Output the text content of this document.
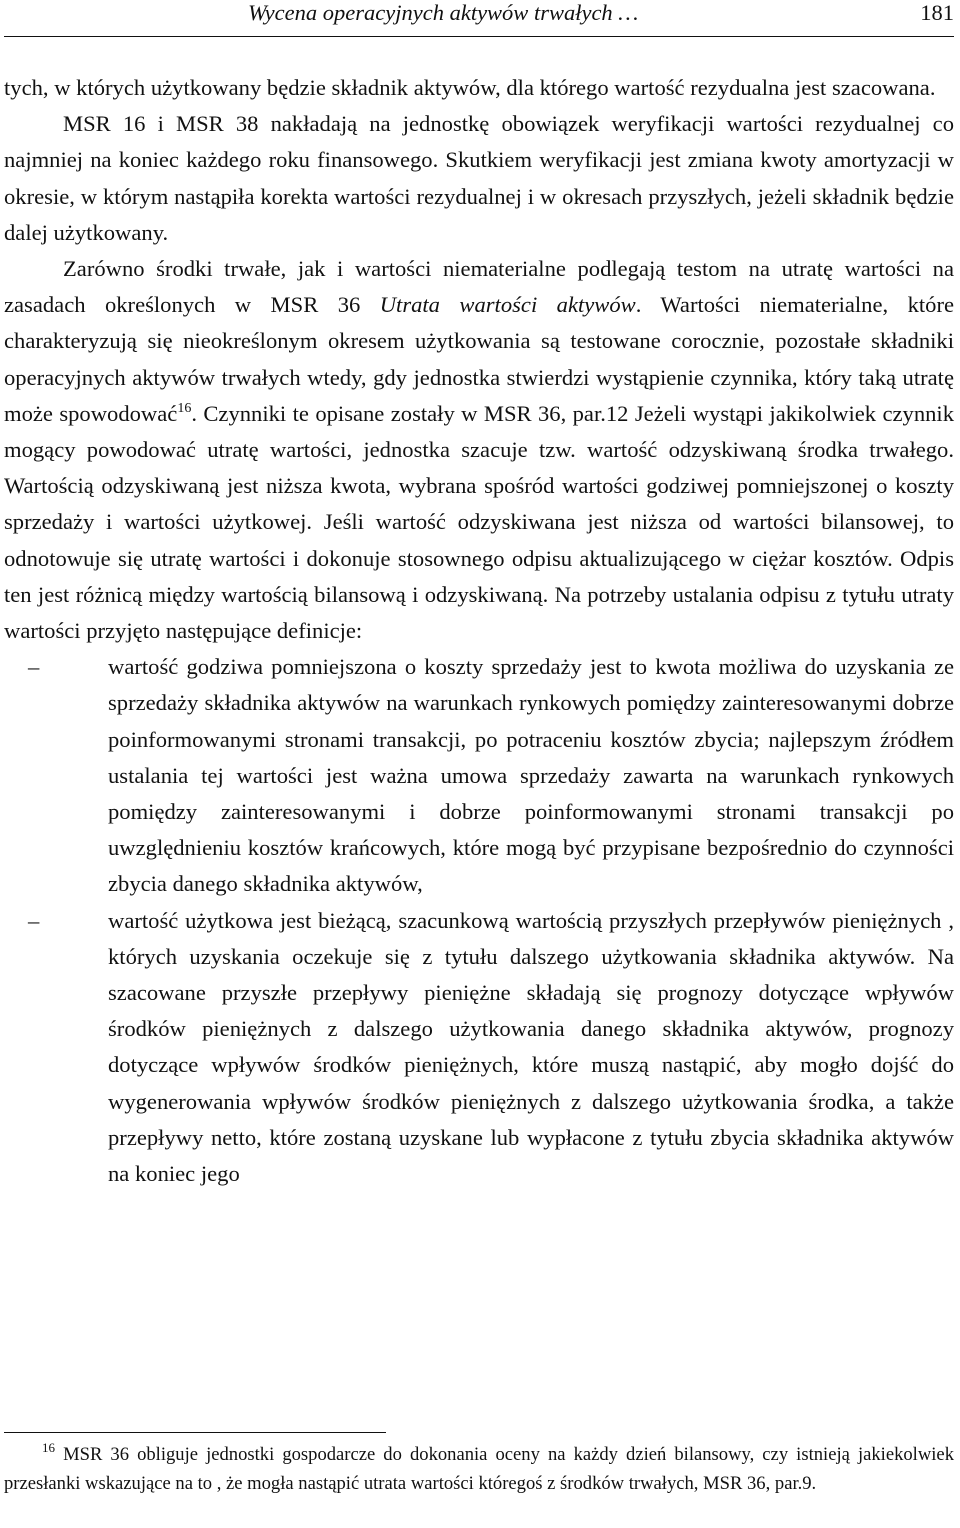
Wycena operacyjnych aktywów trwałych …	181

tych, w których użytkowany będzie składnik aktywów, dla którego wartość rezydualna jest szacowana.

MSR 16 i MSR 38 nakładają na jednostkę obowiązek weryfikacji wartości rezydualnej co najmniej na koniec każdego roku finansowego. Skutkiem weryfikacji jest zmiana kwoty amortyzacji w okresie, w którym nastąpiła korekta wartości rezydualnej i w okresach przyszłych, jeżeli składnik będzie dalej użytkowany.

Zarówno środki trwałe, jak i wartości niematerialne podlegają testom na utratę wartości na zasadach określonych w MSR 36 Utrata wartości aktywów. Wartości niematerialne, które charakteryzują się nieokreślonym okresem użytkowania są testowane corocznie, pozostałe składniki operacyjnych aktywów trwałych wtedy, gdy jednostka stwierdzi wystąpienie czynnika, który taką utratę może spowodować$^{16}$. Czynniki te opisane zostały w MSR 36, par.12 Jeżeli wystąpi jakikolwiek czynnik mogący powodować utratę wartości, jednostka szacuje tzw. wartość odzyskiwaną środka trwałego. Wartością odzyskiwaną jest niższa kwota, wybrana spośród wartości godziwej pomniejszonej o koszty sprzedaży i wartości użytkowej. Jeśli wartość odzyskiwana jest niższa od wartości bilansowej, to odnotowuje się utratę wartości i dokonuje stosownego odpisu aktualizującego w ciężar kosztów. Odpis ten jest różnicą między wartością bilansową i odzyskiwaną. Na potrzeby ustalania odpisu z tytułu utraty wartości przyjęto następujące definicje:

–	wartość godziwa pomniejszona o koszty sprzedaży jest to kwota możliwa do uzyskania ze sprzedaży składnika aktywów na warunkach rynkowych pomiędzy zainteresowanymi dobrze poinformowanymi stronami transakcji, po potraceniu kosztów zbycia; najlepszym źródłem ustalania tej wartości jest ważna umowa sprzedaży zawarta na warunkach rynkowych pomiędzy zainteresowanymi i dobrze poinformowanymi stronami transakcji po uwzględnieniu kosztów krańcowych, które mogą być przypisane bezpośrednio do czynności zbycia danego składnika aktywów,
–	wartość użytkowa jest bieżącą, szacunkową wartością przyszłych przepływów pieniężnych , których uzyskania oczekuje się z tytułu dalszego użytkowania składnika aktywów. Na szacowane przyszłe przepływy pieniężne składają się prognozy dotyczące wpływów środków pieniężnych z dalszego użytkowania danego składnika aktywów, prognozy dotyczące wpływów środków pieniężnych, które muszą nastąpić, aby mogło dojść do wygenerowania wpływów środków pieniężnych z dalszego użytkowania środka, a także przepływy netto, które zostaną uzyskane lub wypłacone z tytułu zbycia składnika aktywów na koniec jego

$^{16}$ MSR 36 obliguje jednostki gospodarcze do dokonania oceny na każdy dzień bilansowy, czy istnieją jakiekolwiek przesłanki wskazujące na to , że mogła nastąpić utrata wartości któregoś z środków trwałych, MSR 36, par.9.
